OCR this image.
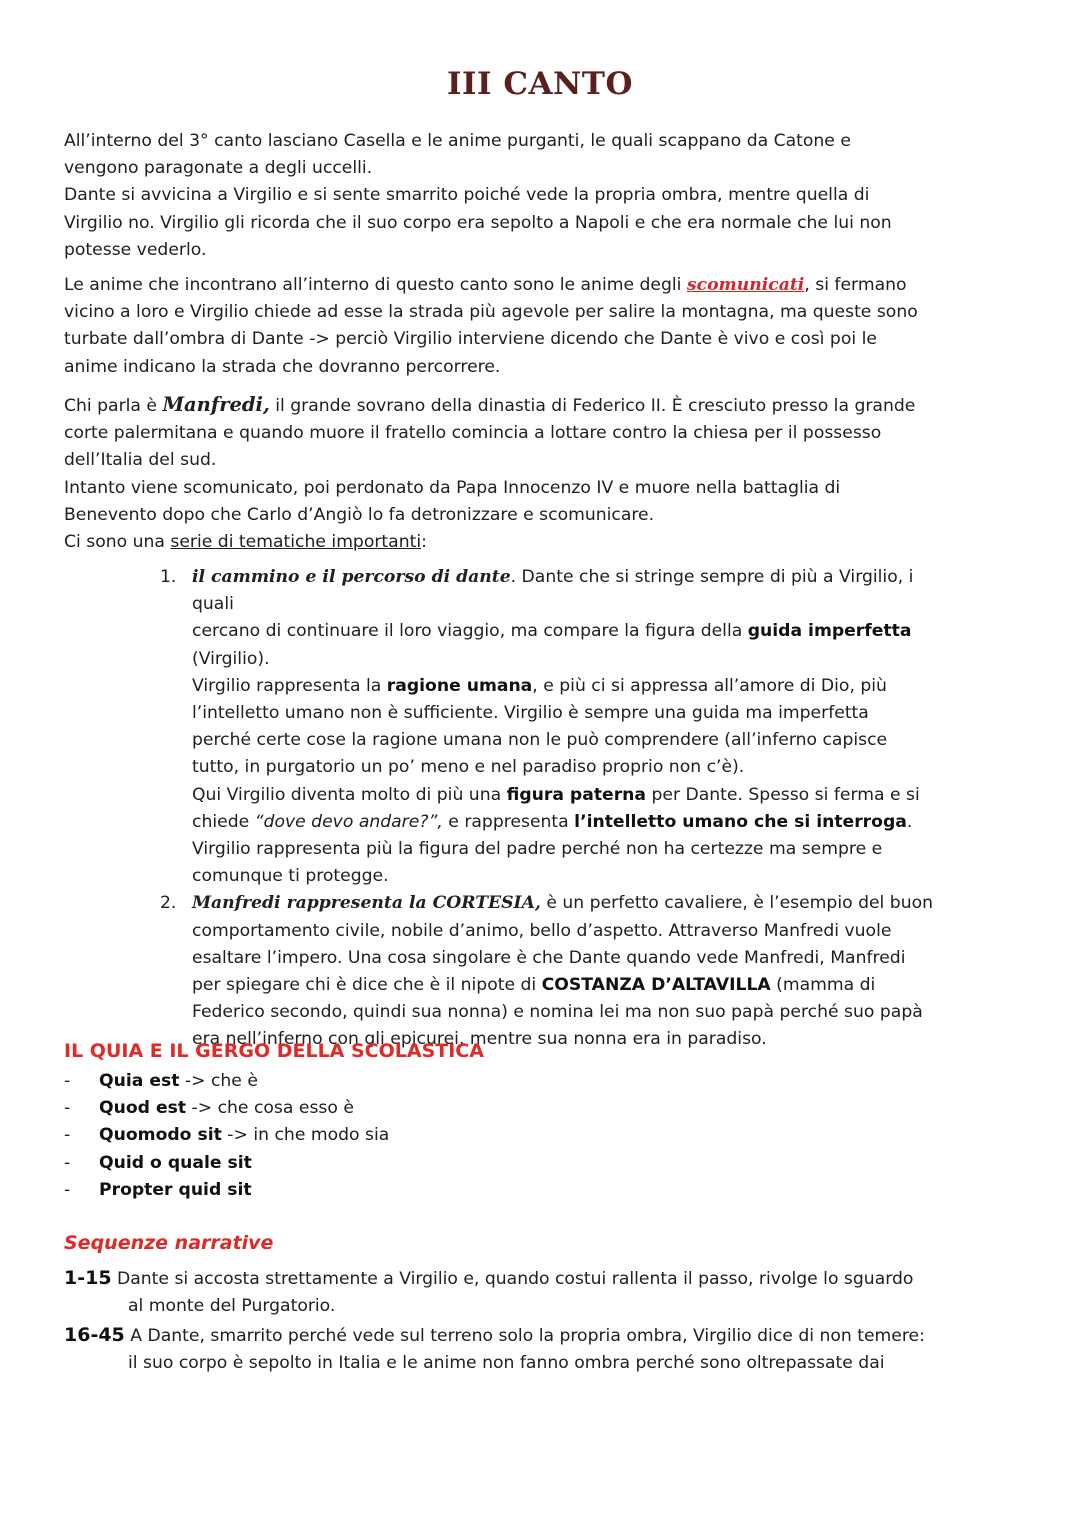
III CANTO
All’interno del 3° canto lasciano Casella e le anime purganti, le quali scappano da Catone e
vengono paragonate a degli uccelli.
Dante si avvicina a Virgilio e si sente smarrito poiché vede la propria ombra, mentre quella di
Virgilio no. Virgilio gli ricorda che il suo corpo era sepolto a Napoli e che era normale che lui non
potesse vederlo.
Le anime che incontrano all’interno di questo canto sono le anime degli scomunicati, si fermano
vicino a loro e Virgilio chiede ad esse la strada più agevole per salire la montagna, ma queste sono
turbate dall’ombra di Dante -> perciò Virgilio interviene dicendo che Dante è vivo e così poi le
anime indicano la strada che dovranno percorrere.
Chi parla è Manfredi, il grande sovrano della dinastia di Federico II. È cresciuto presso la grande
corte palermitana e quando muore il fratello comincia a lottare contro la chiesa per il possesso
dell’Italia del sud.
Intanto viene scomunicato, poi perdonato da Papa Innocenzo IV e muore nella battaglia di
Benevento dopo che Carlo d’Angiò lo fa detronizzare e scomunicare.
Ci sono una serie di tematiche importanti:
1. il cammino e il percorso di dante. Dante che si stringe sempre di più a Virgilio, i quali
cercano di continuare il loro viaggio, ma compare la figura della guida imperfetta
(Virgilio).
Virgilio rappresenta la ragione umana, e più ci si appressa all’amore di Dio, più
l’intelletto umano non è sufficiente. Virgilio è sempre una guida ma imperfetta
perché certe cose la ragione umana non le può comprendere (all’inferno capisce
tutto, in purgatorio un po’ meno e nel paradiso proprio non c’è).
Qui Virgilio diventa molto di più una figura paterna per Dante. Spesso si ferma e si
chiede “dove devo andare?”, e rappresenta l’intelletto umano che si interroga.
Virgilio rappresenta più la figura del padre perché non ha certezze ma sempre e
comunque ti protegge.
2. Manfredi rappresenta la CORTESIA, è un perfetto cavaliere, è l’esempio del buon
comportamento civile, nobile d’animo, bello d’aspetto. Attraverso Manfredi vuole
esaltare l’impero. Una cosa singolare è che Dante quando vede Manfredi, Manfredi
per spiegare chi è dice che è il nipote di COSTANZA D’ALTAVILLA (mamma di
Federico secondo, quindi sua nonna) e nomina lei ma non suo papà perché suo papà
era nell’inferno con gli epicurei, mentre sua nonna era in paradiso.
IL QUIA E IL GERGO DELLA SCOLASTICA
- Quia est -> che è
- Quod est -> che cosa esso è
- Quomodo sit -> in che modo sia
- Quid o quale sit
- Propter quid sit
Sequenze narrative
1-15 Dante si accosta strettamente a Virgilio e, quando costui rallenta il passo, rivolge lo sguardo
al monte del Purgatorio.
16-45 A Dante, smarrito perché vede sul terreno solo la propria ombra, Virgilio dice di non temere:
il suo corpo è sepolto in Italia e le anime non fanno ombra perché sono oltrepassate dai
